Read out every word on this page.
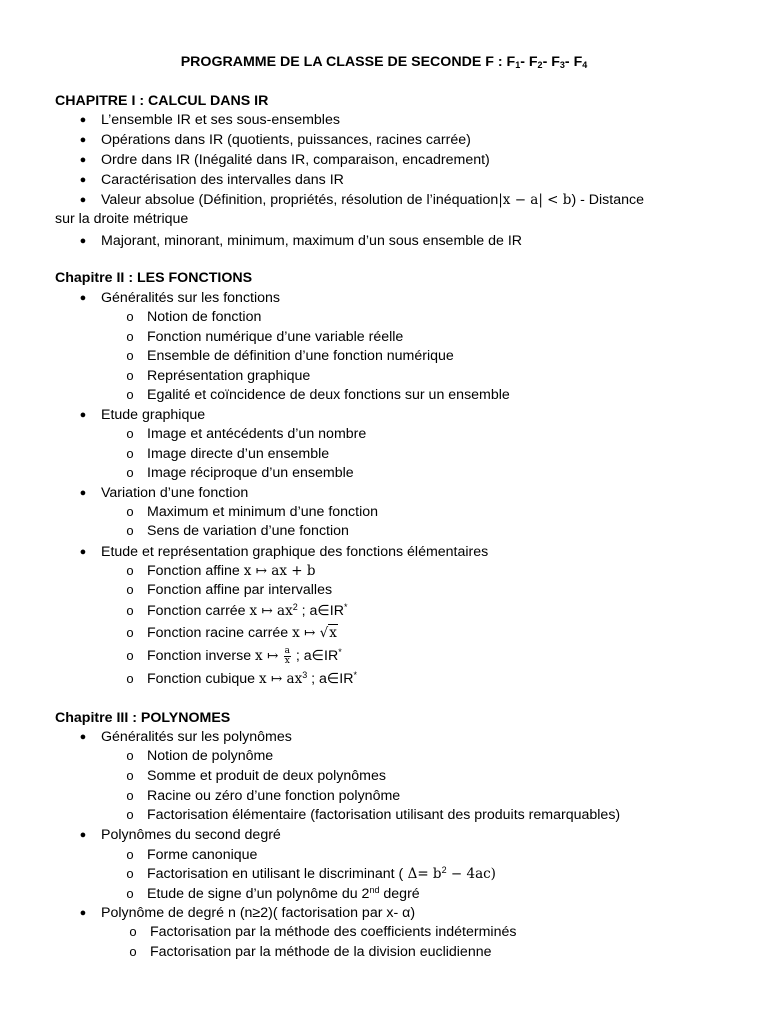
PROGRAMME DE LA CLASSE DE SECONDE F : $F_1-$ $F_2-$ $F_3-$ $F_4$
CHAPITRE I : CALCUL DANS IR
● L’ensemble IR et ses sous-ensembles
● Opérations dans IR (quotients, puissances, racines carrée)
● Ordre dans IR (Inégalité dans IR, comparaison, encadrement)
● Caractérisation des intervalles dans IR
● Valeur absolue (Définition, propriétés, résolution de l’inéquation|x − a| < b) - Distance
sur la droite métrique
● Majorant, minorant, minimum, maximum d’un sous ensemble de IR
Chapitre II : LES FONCTIONS
● Généralités sur les fonctions
o Notion de fonction
o Fonction numérique d’une variable réelle
o Ensemble de définition d’une fonction numérique
o Représentation graphique
o Egalité et coïncidence de deux fonctions sur un ensemble
● Etude graphique
o Image et antécédents d’un nombre
o Image directe d’un ensemble
o Image réciproque d’un ensemble
● Variation d’une fonction
o Maximum et minimum d’une fonction
o Sens de variation d’une fonction
● Etude et représentation graphique des fonctions élémentaires
o Fonction affine x ↦ ax + b
o Fonction affine par intervalles
o Fonction carrée x ↦ $ax^2$ ; a∈IR*
o Fonction racine carrée x ↦ √x
o Fonction inverse x ↦ $\frac{a}{x}$ ; a∈IR*
o Fonction cubique x ↦ $ax^3$ ; a∈IR*
Chapitre III : POLYNOMES
● Généralités sur les polynômes
o Notion de polynôme
o Somme et produit de deux polynômes
o Racine ou zéro d’une fonction polynôme
o Factorisation élémentaire (factorisation utilisant des produits remarquables)
● Polynômes du second degré
o Forme canonique
o Factorisation en utilisant le discriminant ( $\Delta= b^2 - 4ac$)
o Etude de signe d’un polynôme du 2nd degré
● Polynôme de degré n (n≥2)( factorisation par x- α)
o Factorisation par la méthode des coefficients indéterminés
o Factorisation par la méthode de la division euclidienne
